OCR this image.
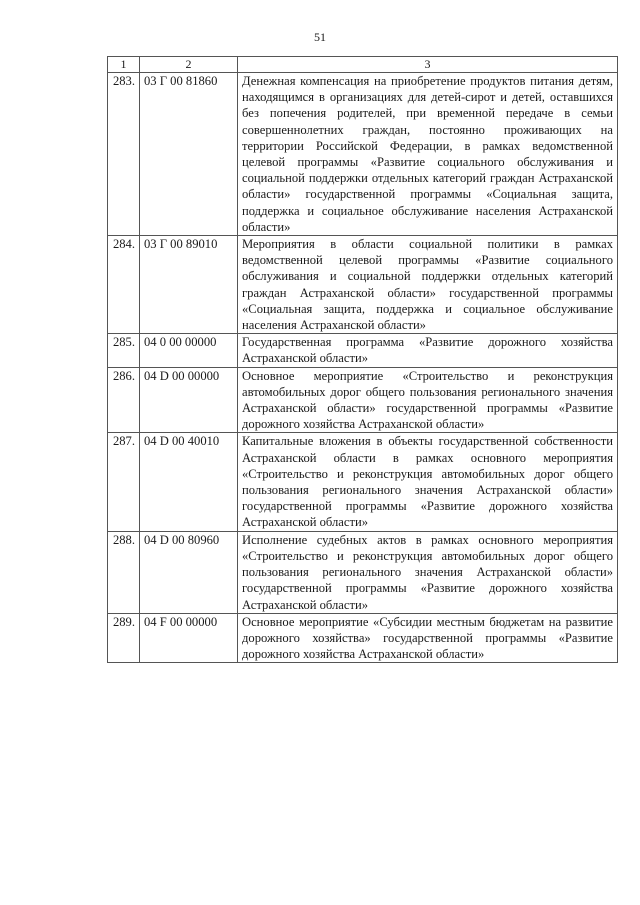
51
1	2	3
283.	03 Г 00 81860	Денежная компенсация на приобретение продуктов питания детям, находящимся в организациях для детей-сирот и детей, оставшихся без попечения родителей, при временной передаче в семьи совершеннолетних граждан, постоянно проживающих на территории Российской Федерации, в рамках ведомственной целевой программы «Развитие социального обслуживания и социальной поддержки отдельных категорий граждан Астраханской области» государственной программы «Социальная защита, поддержка и социальное обслуживание населения Астраханской области»
284.	03 Г 00 89010	Мероприятия в области социальной политики в рамках ведомственной целевой программы «Развитие социального обслуживания и социальной поддержки отдельных категорий граждан Астраханской области» государственной программы «Социальная защита, поддержка и социальное обслуживание населения Астраханской области»
285.	04 0 00 00000	Государственная программа «Развитие дорожного хозяйства Астраханской области»
286.	04 D 00 00000	Основное мероприятие «Строительство и реконструкция автомобильных дорог общего пользования регионального значения Астраханской области» государственной программы «Развитие дорожного хозяйства Астраханской области»
287.	04 D 00 40010	Капитальные вложения в объекты государственной собственности Астраханской области в рамках основного мероприятия «Строительство и реконструкция автомобильных дорог общего пользования регионального значения Астраханской области» государственной программы «Развитие дорожного хозяйства Астраханской области»
288.	04 D 00 80960	Исполнение судебных актов в рамках основного мероприятия «Строительство и реконструкция автомобильных дорог общего пользования регионального значения Астраханской области» государственной программы «Развитие дорожного хозяйства Астраханской области»
289.	04 F 00 00000	Основное мероприятие «Субсидии местным бюджетам на развитие дорожного хозяйства» государственной программы «Развитие дорожного хозяйства Астраханской области»
